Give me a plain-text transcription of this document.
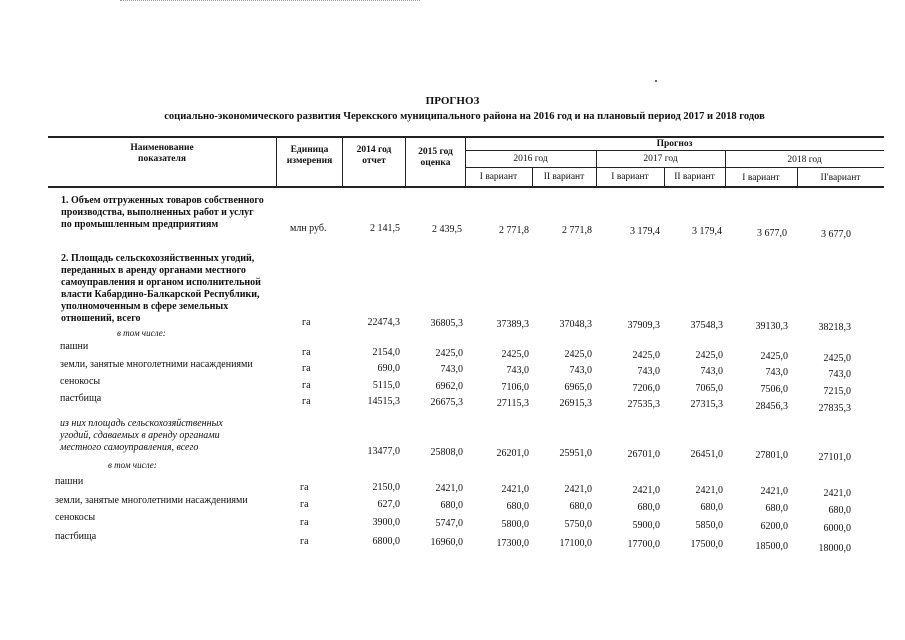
ПРОГНОЗ
социально-экономического развития Черекского муниципального района на 2016 год и на плановый период 2017 и 2018 годов
Наименование
показателя
Единица
измерения
2014 год
отчет
2015 год
оценка
Прогноз
2016 год	2017 год	2018 год
I вариант	II вариант	I вариант	II вариант	I вариант	II'вариант
1. Объем отгруженных товаров собственного
производства, выполненных работ и услуг
по промышленным предприятиям	млн руб.	2 141,5	2 439,5	2 771,8	2 771,8	3 179,4	3 179,4	3 677,0	3 677,0
2. Площадь сельскохозяйственных угодий,
переданных в аренду органами местного
самоуправления и органом исполнительной
власти Кабардино-Балкарской Республики,
уполномоченным в сфере земельных
отношений, всего	га	22474,3	36805,3	37389,3	37048,3	37909,3	37548,3	39130,3	38218,3
в том числе:
пашни
га	2154,0	2425,0	2425,0	2425,0	2425,0	2425,0	2425,0	2425,0
земли, занятые многолетними насаждениями	га	690,0	743,0	743,0	743,0	743,0	743,0	743,0	743,0
сенокосы	га	5115,0	6962,0	7106,0	6965,0	7206,0	7065,0	7506,0	7215,0
пастбища	га	14515,3	26675,3	27115,3	26915,3	27535,3	27315,3	28456,3	27835,3
из них площадь сельскохозяйственных
угодий, сдаваемых в аренду органами
местного самоуправления, всего	13477,0	25808,0	26201,0	25951,0	26701,0	26451,0	27801,0	27101,0
в том числе:
пашни
га	2150,0	2421,0	2421,0	2421,0	2421,0	2421,0	2421,0	2421,0
земли, занятые многолетними насаждениями	га	627,0	680,0	680,0	680,0	680,0	680,0	680,0	680,0
сенокосы	га	3900,0	5747,0	5800,0	5750,0	5900,0	5850,0	6200,0	6000,0
пастбища	га	6800,0	16960,0	17300,0	17100,0	17700,0	17500,0	18500,0	18000,0
